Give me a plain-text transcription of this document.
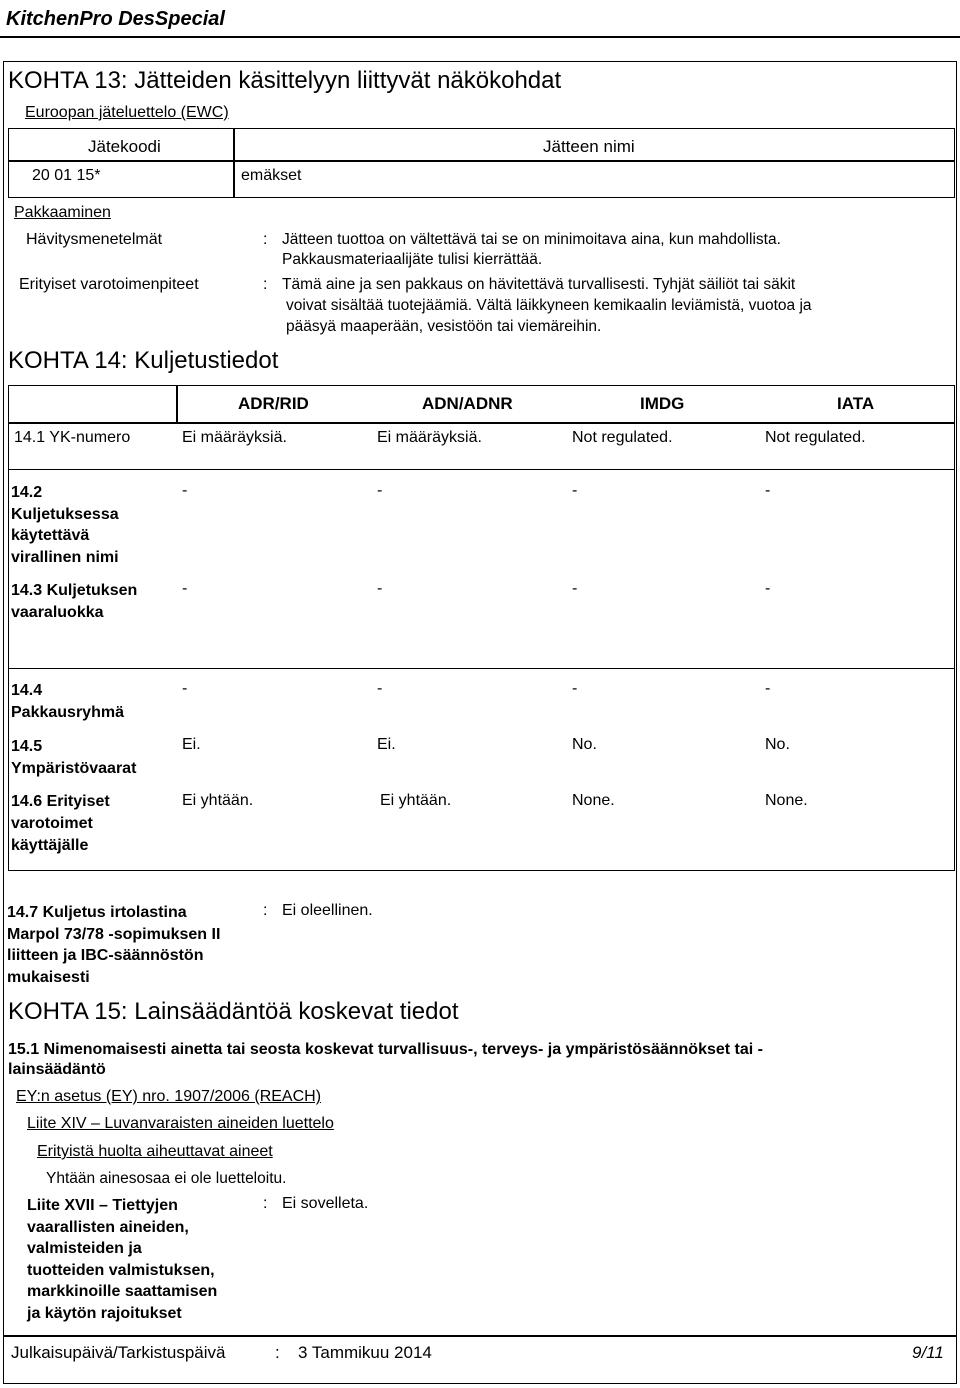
KitchenPro DesSpecial
KOHTA 13: Jätteiden käsittelyyn liittyvät näkökohdat
Euroopan jäteluettelo (EWC)
Jätekoodi	Jätteen nimi
20 01 15*	emäkset
Pakkaaminen
Hävitysmenetelmät	: Jätteen tuottoa on vältettävä tai se on minimoitava aina, kun mahdollista.
Pakkausmateriaalijäte tulisi kierrättää.
Erityiset varotoimenpiteet	: Tämä aine ja sen pakkaus on hävitettävä turvallisesti. Tyhjät säiliöt tai säkit
voivat sisältää tuotejäämiä. Vältä läikkyneen kemikaalin leviämistä, vuotoa ja
pääsyä maaperään, vesistöön tai viemäreihin.
KOHTA 14: Kuljetustiedot
ADR/RID	ADN/ADNR	IMDG	IATA
14.1 YK-numero	Ei määräyksiä.	Ei määräyksiä.	Not regulated.	Not regulated.
14.2
Kuljetuksessa
käytettävä
virallinen nimi
-	-	-	-
14.3 Kuljetuksen
vaaraluokka
-	-	-	-
14.4
Pakkausryhmä
-	-	-	-
14.5
Ympäristövaarat
Ei.	Ei.	No.	No.
14.6 Erityiset
varotoimet
käyttäjälle
Ei yhtään.	Ei yhtään.	None.	None.
14.7 Kuljetus irtolastina
Marpol 73/78 -sopimuksen II
liitteen ja IBC-säännöstön
mukaisesti
: Ei oleellinen.
KOHTA 15: Lainsäädäntöä koskevat tiedot
15.1 Nimenomaisesti ainetta tai seosta koskevat turvallisuus-, terveys- ja ympäristösäännökset tai -
lainsäädäntö
EY:n asetus (EY) nro. 1907/2006 (REACH)
Liite XIV – Luvanvaraisten aineiden luettelo
Erityistä huolta aiheuttavat aineet
Yhtään ainesosaa ei ole luetteloitu.
Liite XVII – Tiettyjen
vaarallisten aineiden,
valmisteiden ja
tuotteiden valmistuksen,
markkinoille saattamisen
ja käytön rajoitukset
: Ei sovelleta.
Julkaisupäivä/Tarkistuspäivä	: 3 Tammikuu 2014	9/11
